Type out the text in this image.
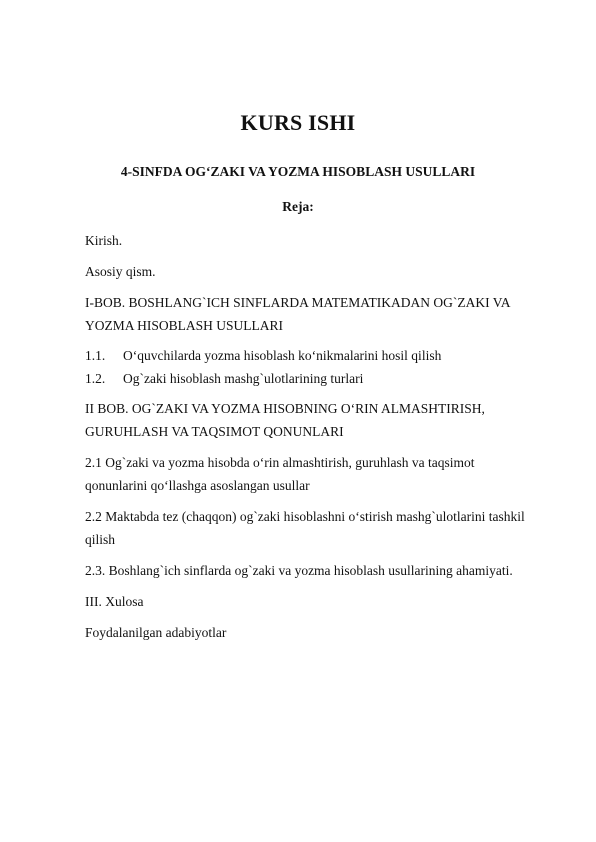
KURS ISHI
4-SINFDA OG‘ZAKI VA YOZMA HISOBLASH USULLARI
Reja:
Kirish.
Asosiy qism.
I-BOB. BOSHLANG`ICH SINFLARDA MATEMATIKADAN OG`ZAKI VA
YOZMA HISOBLASH USULLARI
1.1. O‘quvchilarda yozma hisoblash ko‘nikmalarini hosil qilish
1.2. Og`zaki hisoblash mashg`ulotlarining turlari
II BOB. OG`ZAKI VA YOZMA HISOBNING O‘RIN ALMASHTIRISH,
GURUHLASH VA TAQSIMOT QONUNLARI
2.1 Og`zaki va yozma hisobda o‘rin almashtirish, guruhlash va taqsimot
qonunlarini qo‘llashga asoslangan usullar
2.2 Maktabda tez (chaqqon) og`zaki hisoblashni o‘stirish mashg`ulotlarini tashkil
qilish
2.3. Boshlang`ich sinflarda og`zaki va yozma hisoblash usullarining ahamiyati.
III. Xulosa
Foydalanilgan adabiyotlar
